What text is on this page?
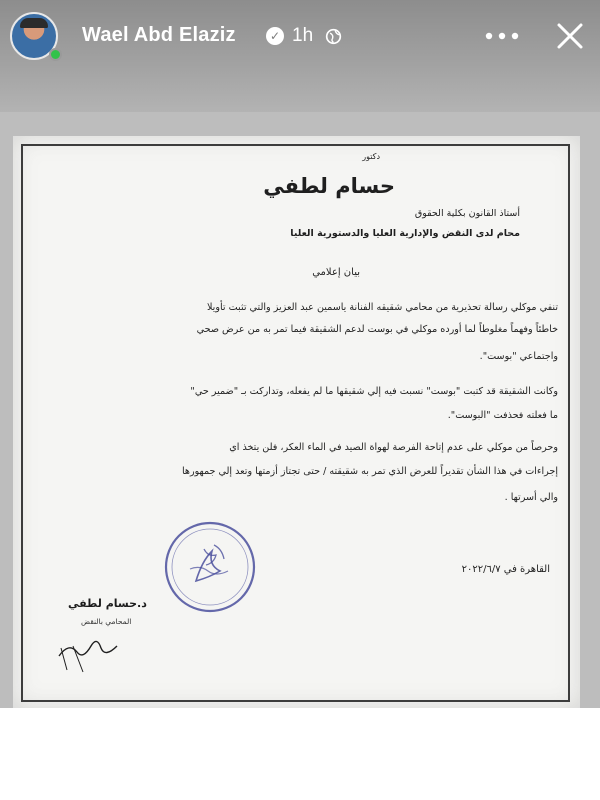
Wael Abd Elaziz	✓ 1h
دكتور
حسام لطفي
أستاذ القانون بكلية الحقوق
محام لدى النقض والإدارية العليا والدستورية العليا
بيان إعلامي
تنفي موكلي رسالة تحذيرية من محامي شقيقه الفنانة ياسمين عبد العزيز والتي تثبت تأويلا
خاطئاً وفهماً مغلوطاً لما أورده موكلي في بوست لدعم الشقيقة فيما تمر به من عرض صحي
واجتماعي "بوست".
وكانت الشقيقة قد كتبت "بوست" نسبت فيه إلي شقيقها ما لم يفعله، وتداركت بـ "ضمير حي"
ما فعلته فحذفت "البوست".
وحرصاً من موكلي على عدم إتاحة الفرصة لهواة الصيد في الماء العكر، فلن يتخذ اي
إجراءات في هذا الشأن تقديراً للعرض الذي تمر به شقيقته / حتى تجتاز أزمتها وتعد إلي جمهورها
والي أسرتها .
القاهرة في ٢٠٢٢/٦/٧
د.حسام لطفي
المحامي بالنقض
